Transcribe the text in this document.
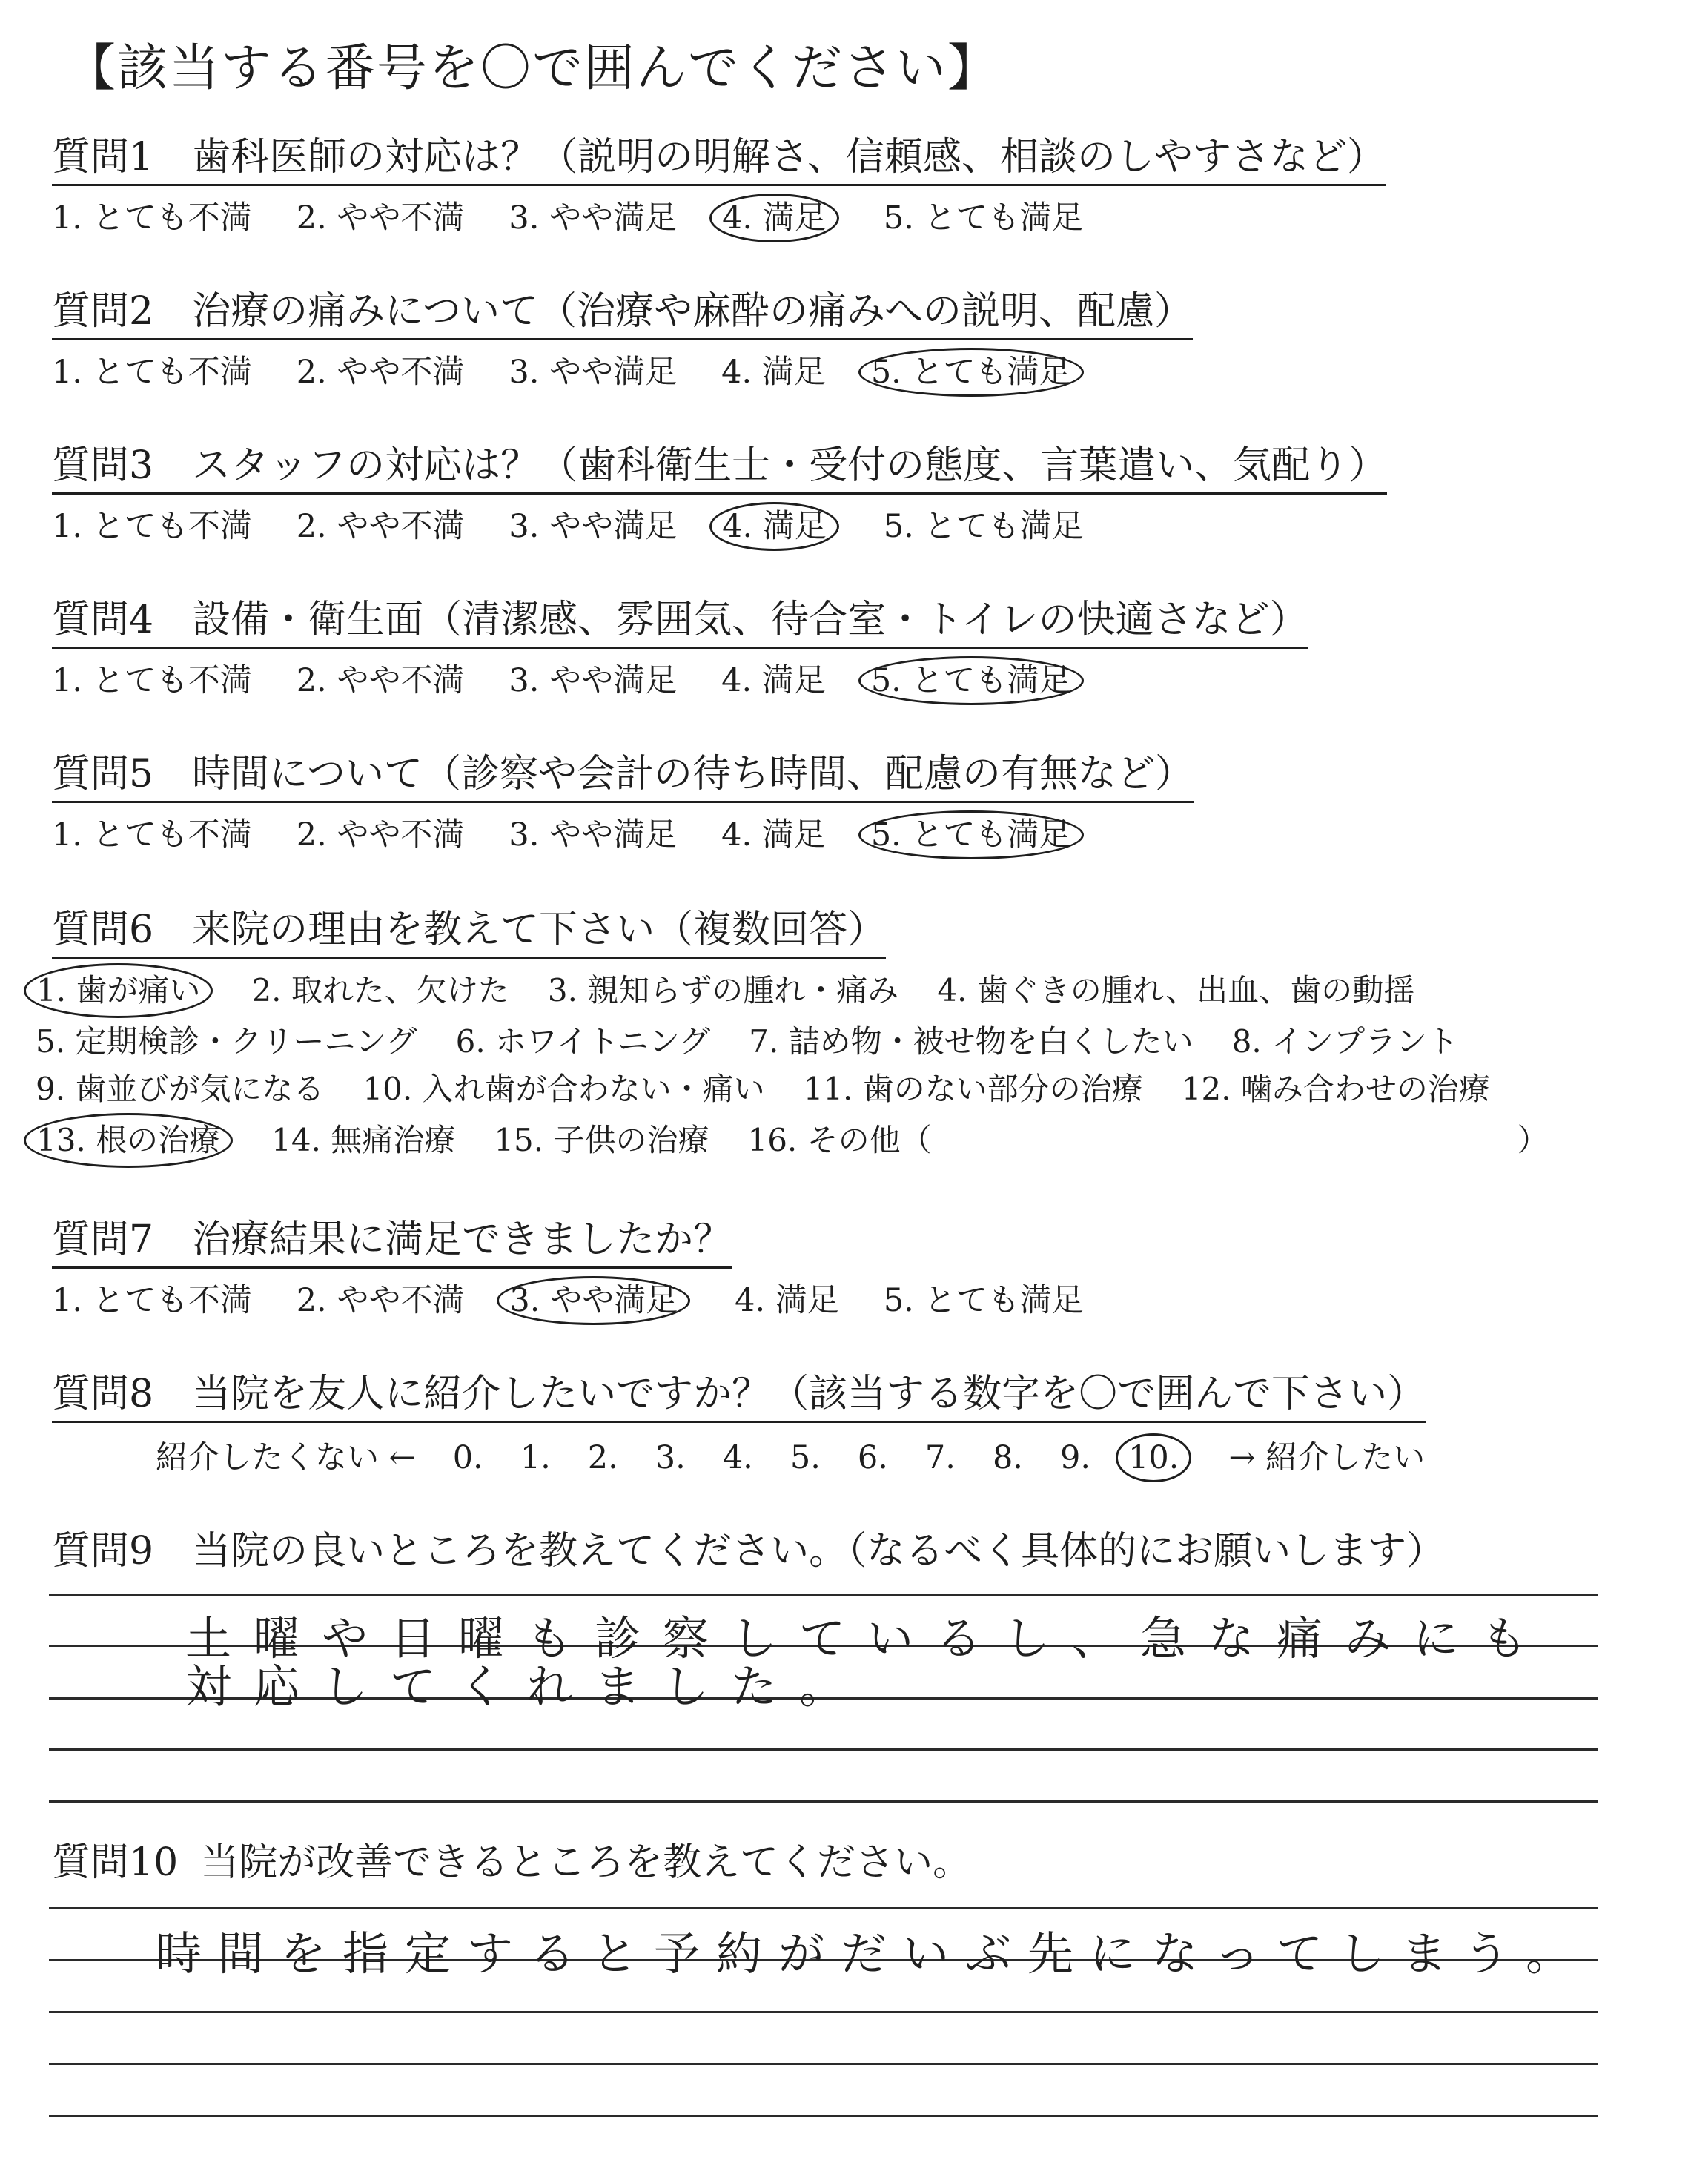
【該当する番号を〇で囲んでください】
質問1 歯科医師の対応は？（説明の明解さ、信頼感、相談のしやすさなど）
1. とても不満 2. やや不満 3. やや満足 4. 満足 5. とても満足
質問2 治療の痛みについて（治療や麻酔の痛みへの説明、配慮）
1. とても不満 2. やや不満 3. やや満足 4. 満足 5. とても満足
質問3 スタッフの対応は？（歯科衛生士・受付の態度、言葉遣い、気配り）
1. とても不満 2. やや不満 3. やや満足 4. 満足 5. とても満足
質問4 設備・衛生面（清潔感、雰囲気、待合室・トイレの快適さなど）
1. とても不満 2. やや不満 3. やや満足 4. 満足 5. とても満足
質問5 時間について（診察や会計の待ち時間、配慮の有無など）
1. とても不満 2. やや不満 3. やや満足 4. 満足 5. とても満足
質問6 来院の理由を教えて下さい（複数回答）
1. 歯が痛い 2. 取れた、欠けた 3. 親知らずの腫れ・痛み 4. 歯ぐきの腫れ、出血、歯の動揺
5. 定期検診・クリーニング 6. ホワイトニング 7. 詰め物・被せ物を白くしたい 8. インプラント
9. 歯並びが気になる 10. 入れ歯が合わない・痛い 11. 歯のない部分の治療 12. 噛み合わせの治療
13. 根の治療 14. 無痛治療 15. 子供の治療 16. その他（	）
質問7 治療結果に満足できましたか？
1. とても不満 2. やや不満 3. やや満足 4. 満足 5. とても満足
質問8 当院を友人に紹介したいですか？（該当する数字を〇で囲んで下さい）
紹介したくない ← 0. 1. 2. 3. 4. 5. 6. 7. 8. 9. 10. → 紹介したい
質問9 当院の良いところを教えてください。（なるべく具体的にお願いします）
土曜や日曜も診察しているし、急な痛みにも
対応してくれました。
質問10 当院が改善できるところを教えてください。
時間を指定すると予約がだいぶ先になってしまう。
